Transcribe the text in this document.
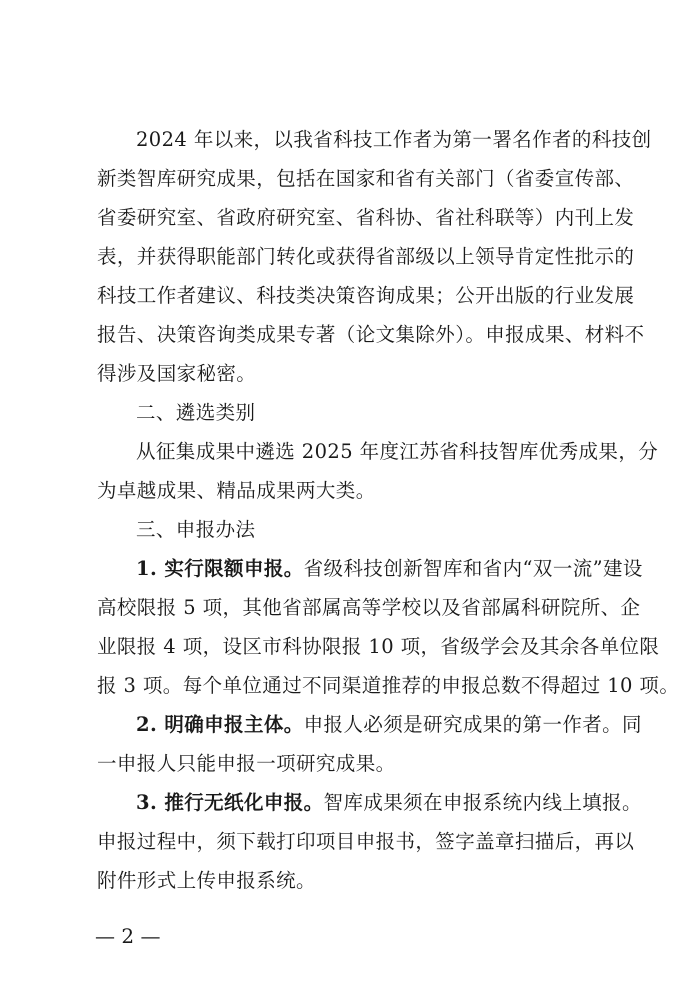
2024 年以来，以我省科技工作者为第一署名作者的科技创
新类智库研究成果，包括在国家和省有关部门（省委宣传部、
省委研究室、省政府研究室、省科协、省社科联等）内刊上发
表，并获得职能部门转化或获得省部级以上领导肯定性批示的
科技工作者建议、科技类决策咨询成果；公开出版的行业发展
报告、决策咨询类成果专著（论文集除外）。申报成果、材料不
得涉及国家秘密。
二、遴选类别
从征集成果中遴选 2025 年度江苏省科技智库优秀成果，分
为卓越成果、精品成果两大类。
三、申报办法
1. 实行限额申报。省级科技创新智库和省内“双一流”建设
高校限报 5 项，其他省部属高等学校以及省部属科研院所、企
业限报 4 项，设区市科协限报 10 项，省级学会及其余各单位限
报 3 项。每个单位通过不同渠道推荐的申报总数不得超过 10 项。
2. 明确申报主体。申报人必须是研究成果的第一作者。同
一申报人只能申报一项研究成果。
3. 推行无纸化申报。智库成果须在申报系统内线上填报。
申报过程中，须下载打印项目申报书，签字盖章扫描后，再以
附件形式上传申报系统。
— 2 —
